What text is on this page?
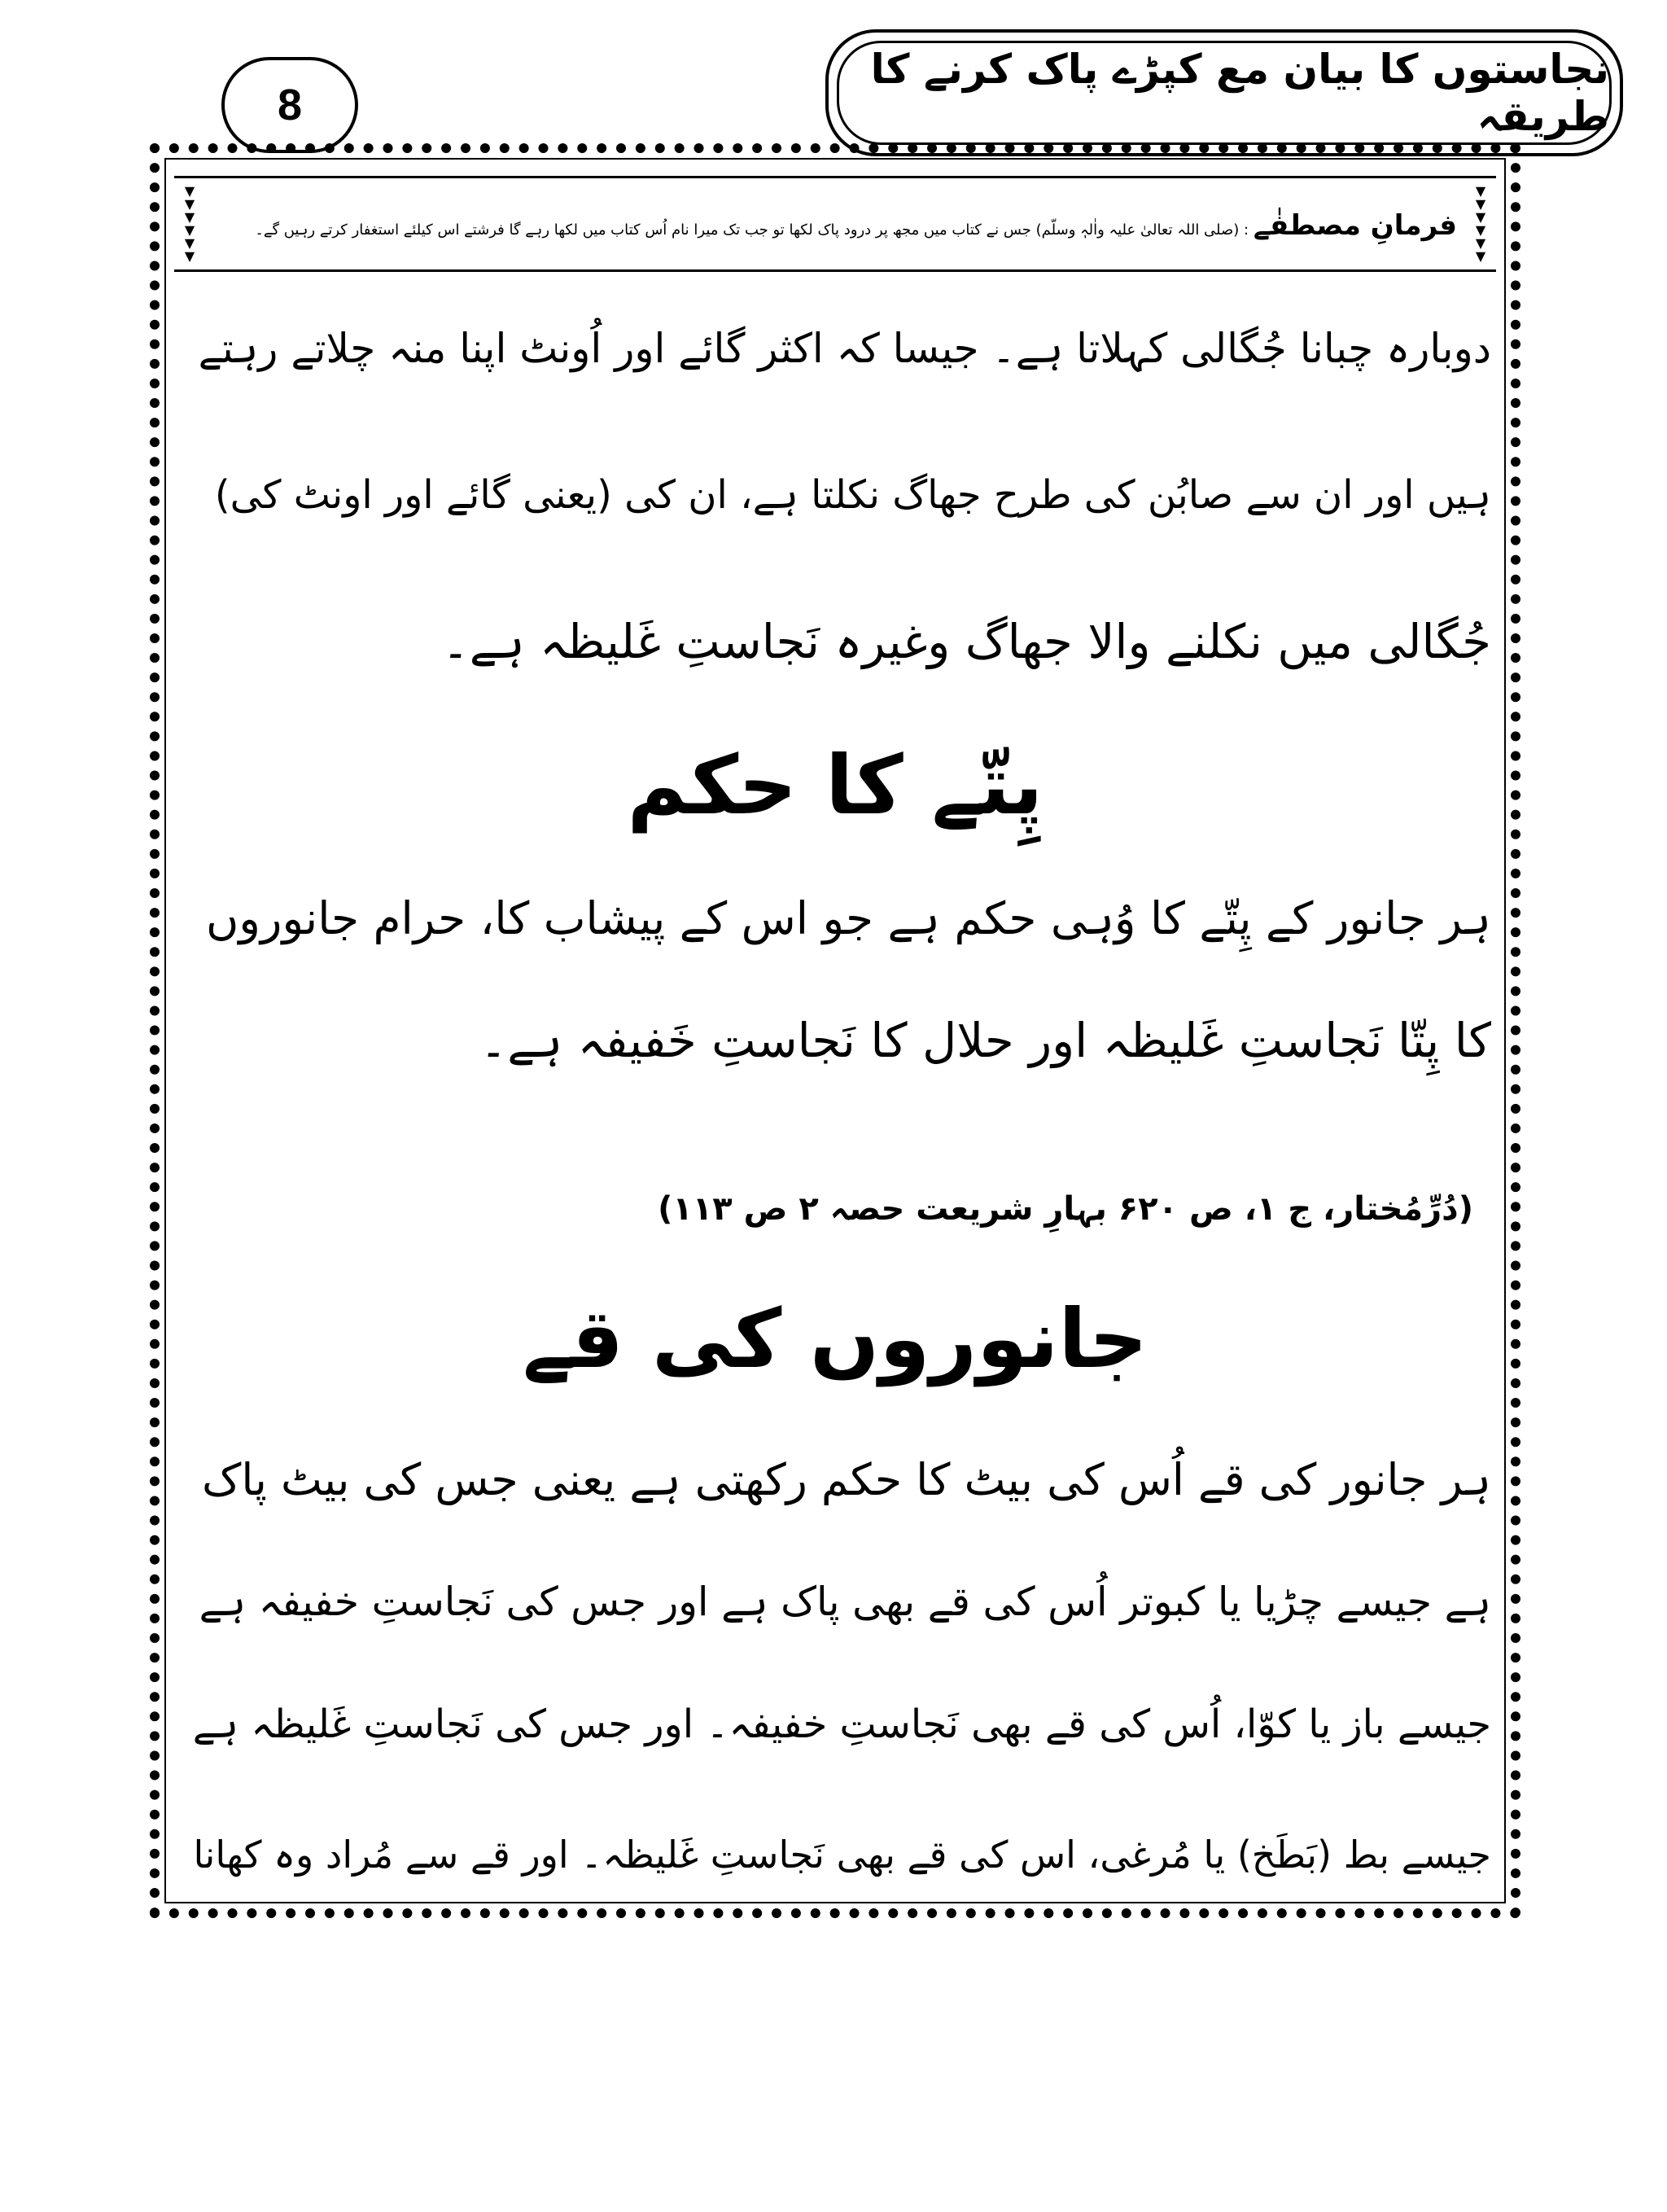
8
نجاستوں کا بیان مع کپڑے پاک کرنے کا طریقہ
▼
▼
▼
▼
▼
▼
▼
▼
▼
▼
▼
▼
فرمانِ مصطفٰے : (صلی اللہ تعالیٰ علیہ واٰلہٖ وسلّم) جس نے کتاب میں مجھ پر درود پاک لکھا تو جب تک میرا نام اُس کتاب میں لکھا رہے گا فرشتے اس کیلئے استغفار کرتے رہیں گے۔
دوبارہ چبانا جُگالی کہلاتا ہے۔ جیسا کہ اکثر گائے اور اُونٹ اپنا منہ چلاتے رہتے
ہیں اور ان سے صابُن کی طرح جھاگ نکلتا ہے، ان کی (یعنی گائے اور اونٹ کی)
جُگالی میں نکلنے والا جھاگ وغیرہ نَجاستِ غَلیظہ ہے۔
پِتّے کا حکم
ہر جانور کے پِتّے کا وُہی حکم ہے جو اس کے پیشاب کا، حرام جانوروں
کا پِتّا نَجاستِ غَلیظہ اور حلال کا نَجاستِ خَفیفہ ہے۔
(دُرِّمُختار، ج ۱، ص ۶۲۰ بہارِ شریعت حصہ ۲ ص ۱۱۳)
جانوروں کی قے
ہر جانور کی قے اُس کی بیٹ کا حکم رکھتی ہے یعنی جس کی بیٹ پاک
ہے جیسے چڑیا یا کبوتر اُس کی قے بھی پاک ہے اور جس کی نَجاستِ خفیفہ ہے
جیسے باز یا کوّا، اُس کی قے بھی نَجاستِ خفیفہ۔ اور جس کی نَجاستِ غَلیظہ ہے
جیسے بط (بَطَخ) یا مُرغی، اس کی قے بھی نَجاستِ غَلیظہ۔ اور قے سے مُراد وہ کھانا
